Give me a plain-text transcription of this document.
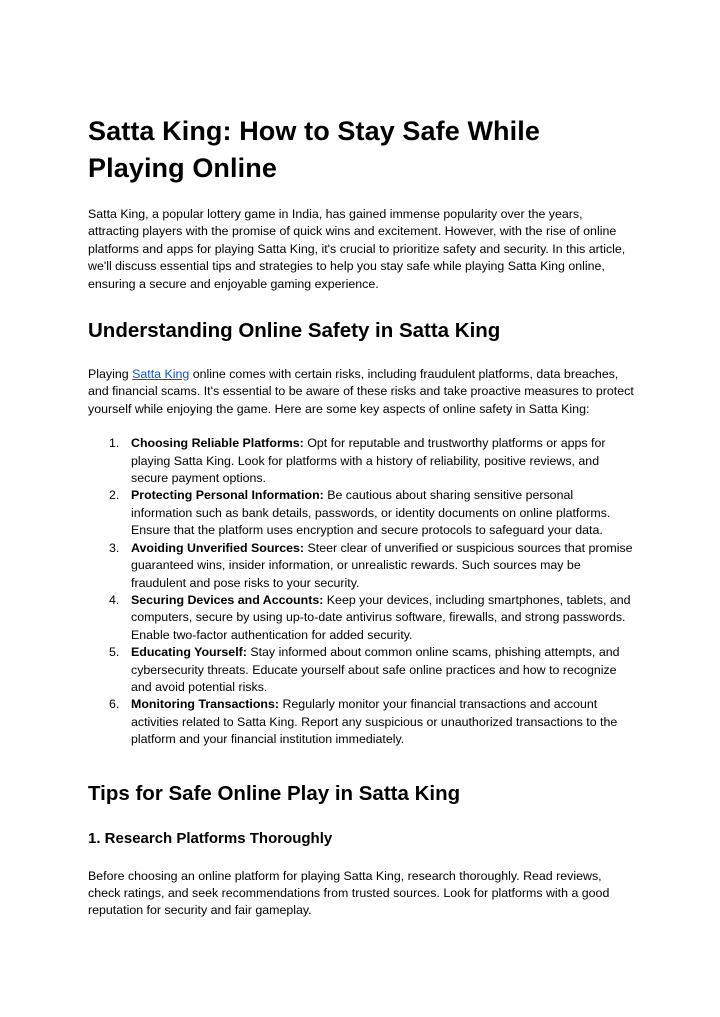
Satta King: How to Stay Safe While Playing Online

Satta King, a popular lottery game in India, has gained immense popularity over the years, attracting players with the promise of quick wins and excitement. However, with the rise of online platforms and apps for playing Satta King, it's crucial to prioritize safety and security. In this article, we'll discuss essential tips and strategies to help you stay safe while playing Satta King online, ensuring a secure and enjoyable gaming experience.

Understanding Online Safety in Satta King

Playing Satta King online comes with certain risks, including fraudulent platforms, data breaches, and financial scams. It's essential to be aware of these risks and take proactive measures to protect yourself while enjoying the game. Here are some key aspects of online safety in Satta King:

1. Choosing Reliable Platforms: Opt for reputable and trustworthy platforms or apps for playing Satta King. Look for platforms with a history of reliability, positive reviews, and secure payment options.
2. Protecting Personal Information: Be cautious about sharing sensitive personal information such as bank details, passwords, or identity documents on online platforms. Ensure that the platform uses encryption and secure protocols to safeguard your data.
3. Avoiding Unverified Sources: Steer clear of unverified or suspicious sources that promise guaranteed wins, insider information, or unrealistic rewards. Such sources may be fraudulent and pose risks to your security.
4. Securing Devices and Accounts: Keep your devices, including smartphones, tablets, and computers, secure by using up-to-date antivirus software, firewalls, and strong passwords. Enable two-factor authentication for added security.
5. Educating Yourself: Stay informed about common online scams, phishing attempts, and cybersecurity threats. Educate yourself about safe online practices and how to recognize and avoid potential risks.
6. Monitoring Transactions: Regularly monitor your financial transactions and account activities related to Satta King. Report any suspicious or unauthorized transactions to the platform and your financial institution immediately.
Tips for Safe Online Play in Satta King
1. Research Platforms Thoroughly

Before choosing an online platform for playing Satta King, research thoroughly. Read reviews, check ratings, and seek recommendations from trusted sources. Look for platforms with a good reputation for security and fair gameplay.
